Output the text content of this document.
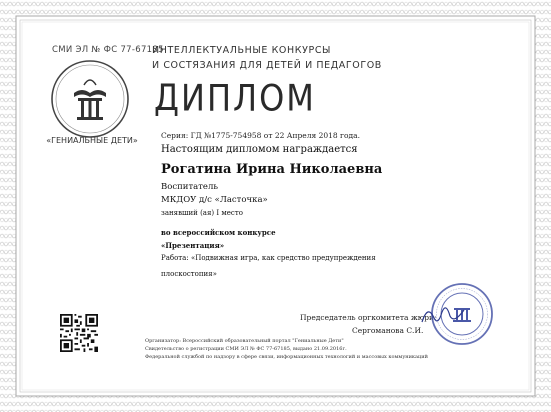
СМИ ЭЛ № ФС 77-67185
«ГЕНИАЛЬНЫЕ ДЕТИ»
ИНТЕЛЛЕКТУАЛЬНЫЕ КОНКУРСЫ
И СОСТЯЗАНИЯ ДЛЯ ДЕТЕЙ И ПЕДАГОГОВ
ДИПЛОМ
Серия: ГД №1775-754958 от 22 Апреля 2018 года.
Настоящим дипломом награждается
Рогатина Ирина Николаевна
Воспитатель
МКДОУ д/с «Ласточка»
занявший (ая) I место
во всероссийском конкурсе
«Презентация»
Работа: «Подвижная игра, как средство предупреждения
плоскостопия»
Председатель оргкомитета жюри:
Сергоманова С.И.
Организатор: Всероссийский образовательный портал "Гениальные Дети"
Свидетельство о регистрации СМИ ЭЛ № ФС 77-67185, выдано 21.09.2016г.
Федеральной службой по надзору в сфере связи, информационных технологий и массовых коммуникаций
